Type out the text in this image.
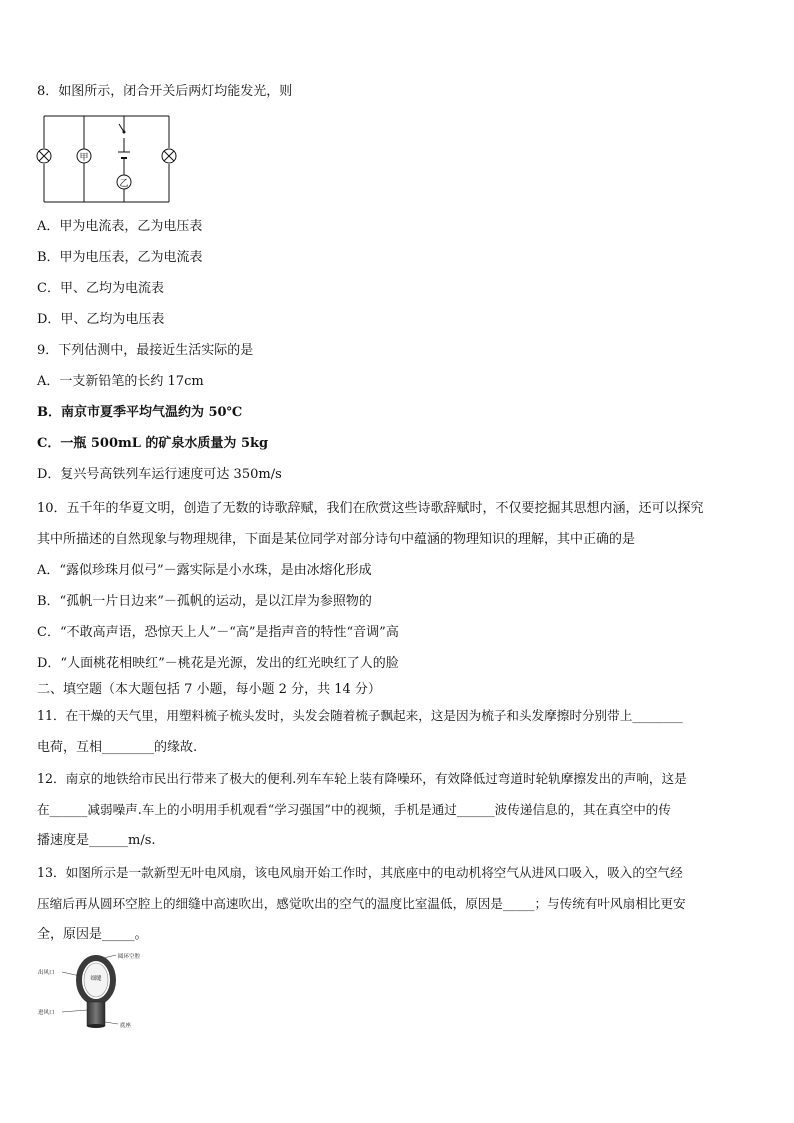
8．如图所示，闭合开关后两灯均能发光，则
甲
乙
A．甲为电流表，乙为电压表
B．甲为电压表，乙为电流表
C．甲、乙均为电流表
D．甲、乙均为电压表
9．下列估测中，最接近生活实际的是
A．一支新铅笔的长约 17cm
B．南京市夏季平均气温约为 50℃
C．一瓶 500mL 的矿泉水质量为 5kg
D．复兴号高铁列车运行速度可达 350m/s
10．五千年的华夏文明，创造了无数的诗歌辞赋，我们在欣赏这些诗歌辞赋时，不仅要挖掘其思想内涵，还可以探究
其中所描述的自然现象与物理规律，下面是某位同学对部分诗句中蕴涵的物理知识的理解，其中正确的是
A．“露似珍珠月似弓”－露实际是小水珠，是由冰熔化形成
B．“孤帆一片日边来”－孤帆的运动，是以江岸为参照物的
C．“不敢高声语，恐惊天上人”－“高”是指声音的特性“音调”高
D．“人面桃花相映红”－桃花是光源，发出的红光映红了人的脸
二、填空题（本大题包括 7 小题，每小题 2 分，共 14 分）
11．在干燥的天气里，用塑料梳子梳头发时，头发会随着梳子飘起来，这是因为梳子和头发摩擦时分别带上________
电荷，互相________的缘故.
12．南京的地铁给市民出行带来了极大的便利.列车车轮上装有降噪环，有效降低过弯道时轮轨摩擦发出的声响，这是
在______减弱噪声.车上的小明用手机观看“学习强国”中的视频，手机是通过______波传递信息的，其在真空中的传
播速度是______m/s.
13．如图所示是一款新型无叶电风扇，该电风扇开始工作时，其底座中的电动机将空气从进风口吸入，吸入的空气经
压缩后再从圆环空腔上的细缝中高速吹出，感觉吹出的空气的温度比室温低，原因是_____；与传统有叶风扇相比更安
全，原因是_____。
圆环空腔
出风口
细缝
进风口
底座
